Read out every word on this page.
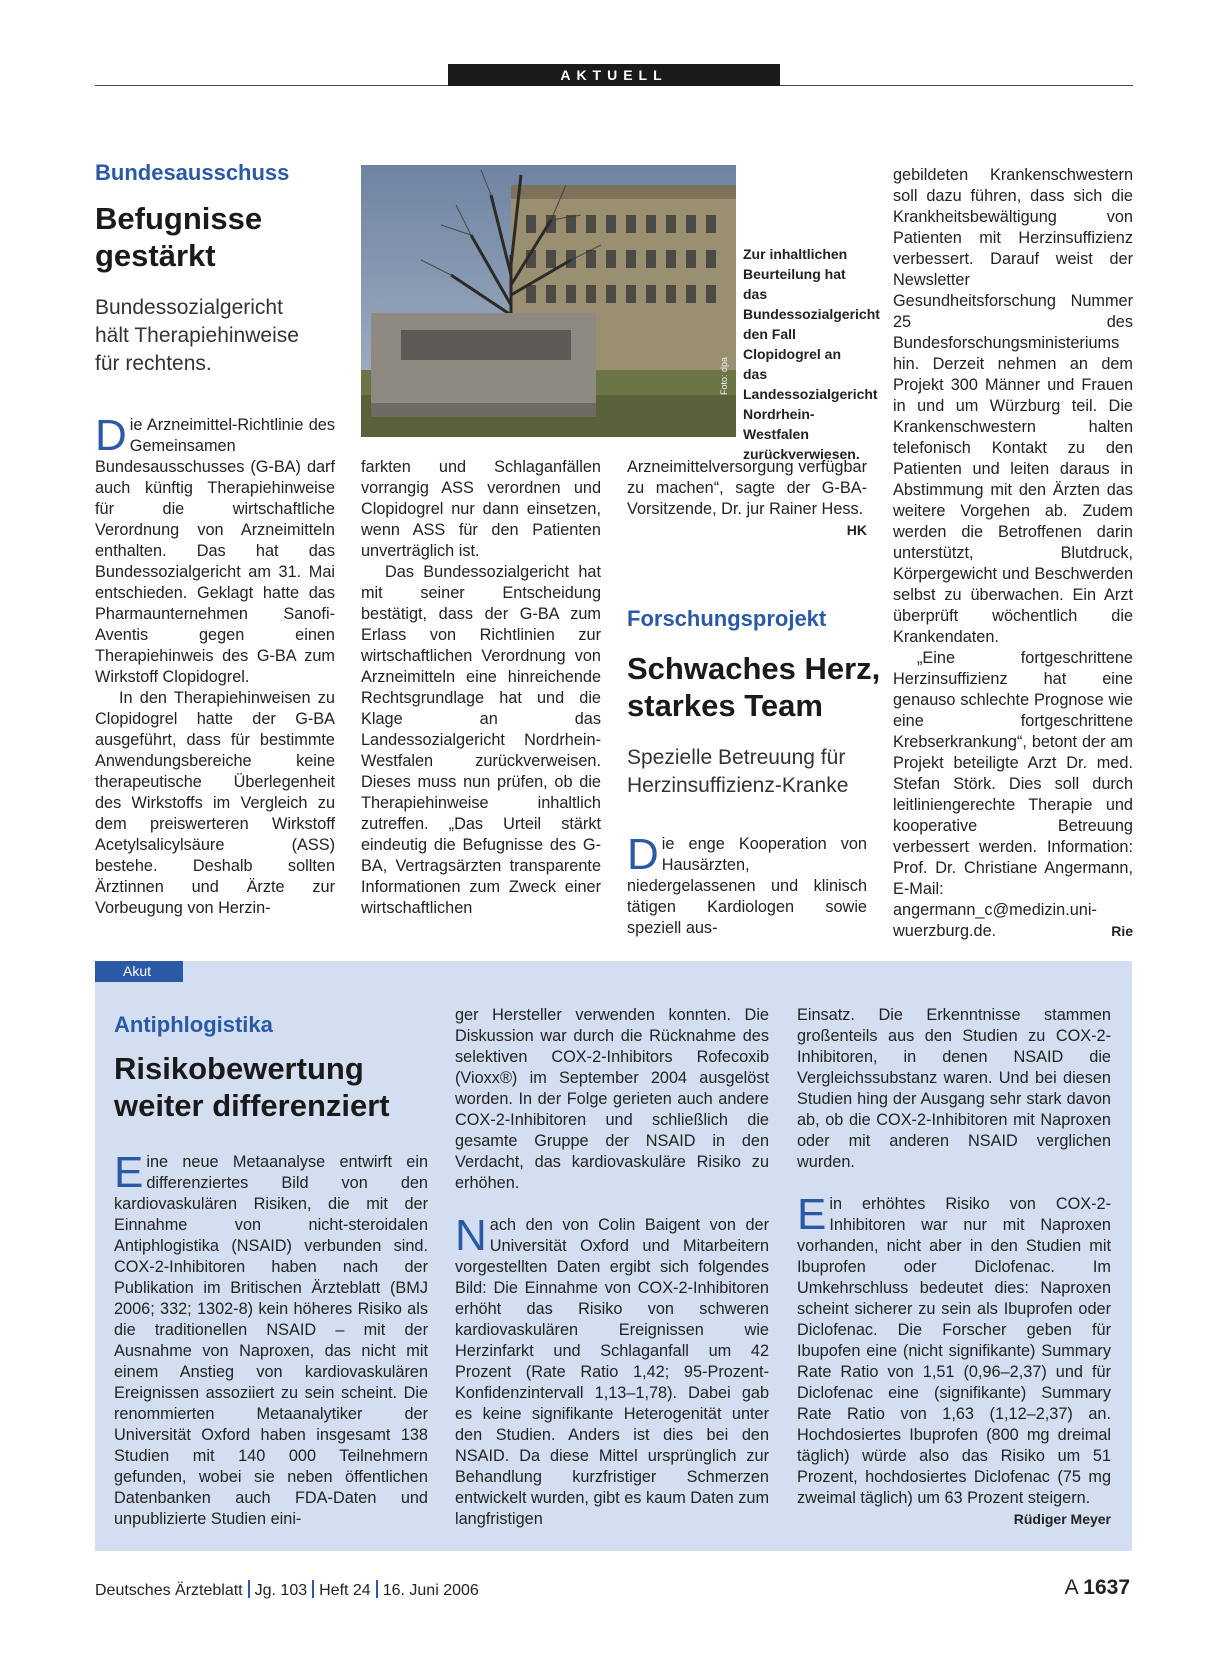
AKTUELL
Bundesausschuss
Befugnisse
gestärkt
Bundessozialgericht hält Therapiehinweise für rechtens.

Die Arzneimittel-Richtlinie des Gemeinsamen Bundesausschusses (G-BA) darf auch künftig Therapiehinweise für die wirtschaftliche Verordnung von Arzneimitteln enthalten. Das hat das Bundessozialgericht am 31. Mai entschieden. Geklagt hatte das Pharmaunternehmen Sanofi-Aventis gegen einen Therapiehinweis des G-BA zum Wirkstoff Clopidogrel.

In den Therapiehinweisen zu Clopidogrel hatte der G-BA ausgeführt, dass für bestimmte Anwendungsbereiche keine therapeutische Überlegenheit des Wirkstoffs im Vergleich zu dem preiswerteren Wirkstoff Acetylsalicylsäure (ASS) bestehe. Deshalb sollten Ärztinnen und Ärzte zur Vorbeugung von Herzin-

Foto: dpa
Zur inhaltlichen Beurteilung hat das Bundessozialgericht den Fall Clopidogrel an das Landessozialgericht Nordrhein-Westfalen zurückverwiesen.

farkten und Schlaganfällen vorrangig ASS verordnen und Clopidogrel nur dann einsetzen, wenn ASS für den Patienten unverträglich ist.

Das Bundessozialgericht hat mit seiner Entscheidung bestätigt, dass der G-BA zum Erlass von Richtlinien zur wirtschaftlichen Verordnung von Arzneimitteln eine hinreichende Rechtsgrundlage hat und die Klage an das Landessozialgericht Nordrhein-Westfalen zurückverweisen. Dieses muss nun prüfen, ob die Therapiehinweise inhaltlich zutreffen. „Das Urteil stärkt eindeutig die Befugnisse des G-BA, Vertragsärzten transparente Informationen zum Zweck einer wirtschaftlichen

Arzneimittelversorgung verfügbar zu machen“, sagte der G-BA-Vorsitzende, Dr. jur Rainer Hess.
HK

Forschungsprojekt
Schwaches Herz,
starkes Team
Spezielle Betreuung für Herzinsuffizienz-Kranke

Die enge Kooperation von Hausärzten, niedergelassenen und klinisch tätigen Kardiologen sowie speziell aus-

gebildeten Krankenschwestern soll dazu führen, dass sich die Krankheitsbewältigung von Patienten mit Herzinsuffizienz verbessert. Darauf weist der Newsletter Gesundheitsforschung Nummer 25 des Bundesforschungsministeriums hin. Derzeit nehmen an dem Projekt 300 Männer und Frauen in und um Würzburg teil. Die Krankenschwestern halten telefonisch Kontakt zu den Patienten und leiten daraus in Abstimmung mit den Ärzten das weitere Vorgehen ab. Zudem werden die Betroffenen darin unterstützt, Blutdruck, Körpergewicht und Beschwerden selbst zu überwachen. Ein Arzt überprüft wöchentlich die Krankendaten.

„Eine fortgeschrittene Herzinsuffizienz hat eine genauso schlechte Prognose wie eine fortgeschrittene Krebserkrankung“, betont der am Projekt beteiligte Arzt Dr. med. Stefan Störk. Dies soll durch leitliniengerechte Therapie und kooperative Betreuung verbessert werden. Information: Prof. Dr. Christiane Angermann, E-Mail: angermann_c@medizin.uni-wuerzburg.de.	Rie

Akut
Antiphlogistika
Risikobewertung
weiter differenziert

Eine neue Metaanalyse entwirft ein differenziertes Bild von den kardiovaskulären Risiken, die mit der Einnahme von nicht-steroidalen Antiphlogistika (NSAID) verbunden sind. COX-2-Inhibitoren haben nach der Publikation im Britischen Ärzteblatt (BMJ 2006; 332; 1302-8) kein höheres Risiko als die traditionellen NSAID – mit der Ausnahme von Naproxen, das nicht mit einem Anstieg von kardiovaskulären Ereignissen assoziiert zu sein scheint. Die renommierten Metaanalytiker der Universität Oxford haben insgesamt 138 Studien mit 140 000 Teilnehmern gefunden, wobei sie neben öffentlichen Datenbanken auch FDA-Daten und unpublizierte Studien eini-

ger Hersteller verwenden konnten. Die Diskussion war durch die Rücknahme des selektiven COX-2-Inhibitors Rofecoxib (Vioxx®) im September 2004 ausgelöst worden. In der Folge gerieten auch andere COX-2-Inhibitoren und schließlich die gesamte Gruppe der NSAID in den Verdacht, das kardiovaskuläre Risiko zu erhöhen.

Nach den von Colin Baigent von der Universität Oxford und Mitarbeitern vorgestellten Daten ergibt sich folgendes Bild: Die Einnahme von COX-2-Inhibitoren erhöht das Risiko von schweren kardiovaskulären Ereignissen wie Herzinfarkt und Schlaganfall um 42 Prozent (Rate Ratio 1,42; 95-Prozent-Konfidenzintervall 1,13–1,78). Dabei gab es keine signifikante Heterogenität unter den Studien. Anders ist dies bei den NSAID. Da diese Mittel ursprünglich zur Behandlung kurzfristiger Schmerzen entwickelt wurden, gibt es kaum Daten zum langfristigen

Einsatz. Die Erkenntnisse stammen großenteils aus den Studien zu COX-2-Inhibitoren, in denen NSAID die Vergleichssubstanz waren. Und bei diesen Studien hing der Ausgang sehr stark davon ab, ob die COX-2-Inhibitoren mit Naproxen oder mit anderen NSAID verglichen wurden.

Ein erhöhtes Risiko von COX-2-Inhibitoren war nur mit Naproxen vorhanden, nicht aber in den Studien mit Ibuprofen oder Diclofenac. Im Umkehrschluss bedeutet dies: Naproxen scheint sicherer zu sein als Ibuprofen oder Diclofenac. Die Forscher geben für Ibupofen eine (nicht signifikante) Summary Rate Ratio von 1,51 (0,96–2,37) und für Diclofenac eine (signifikante) Summary Rate Ratio von 1,63 (1,12–2,37) an. Hochdosiertes Ibuprofen (800 mg dreimal täglich) würde also das Risiko um 51 Prozent, hochdosiertes Diclofenac (75 mg zweimal täglich) um 63 Prozent steigern.
Rüdiger Meyer

Deutsches Ärzteblatt Jg. 103 Heft 24 16. Juni 2006	A 1637
